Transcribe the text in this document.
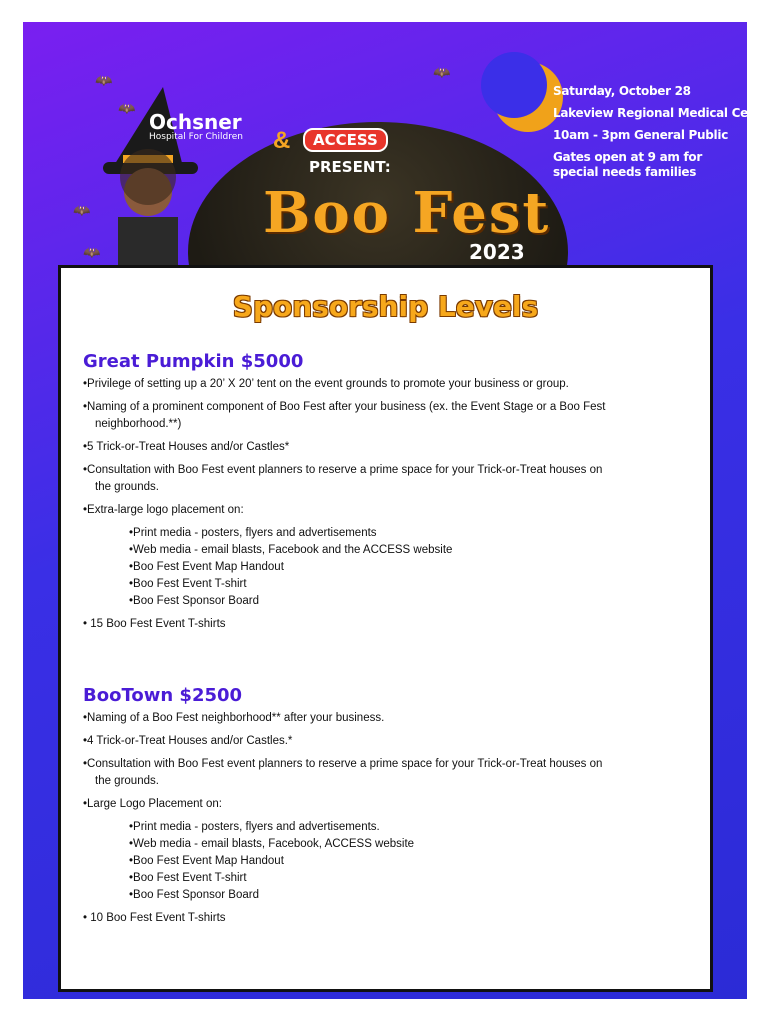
🦇
🦇
🦇
🦇
🦇
Ochsner
Hospital For Children &	ACCESS
PRESENT:
Boo Fest
2023
Saturday, October 28
Lakeview Regional Medical Center
10am - 3pm General Public
Gates open at 9 am for
special needs families
Sponsorship Levels

Great Pumpkin $5000

•Privilege of setting up a 20’ X 20’ tent on the event grounds to promote your business or group.

•Naming of a prominent component of Boo Fest after your business (ex. the Event Stage or a Boo Fest

neighborhood.**)

•5 Trick-or-Treat Houses and/or Castles*

•Consultation with Boo Fest event planners to reserve a prime space for your Trick-or-Treat houses on

the grounds.

•Extra-large logo placement on:

•Print media - posters, flyers and advertisements

•Web media - email blasts, Facebook and the ACCESS website

•Boo Fest Event Map Handout

•Boo Fest Event T-shirt

•Boo Fest Sponsor Board

• 15 Boo Fest Event T-shirts

BooTown $2500

•Naming of a Boo Fest neighborhood** after your business.

•4 Trick-or-Treat Houses and/or Castles.*

•Consultation with Boo Fest event planners to reserve a prime space for your Trick-or-Treat houses on

the grounds.

•Large Logo Placement on:

•Print media - posters, flyers and advertisements.

•Web media - email blasts, Facebook, ACCESS website

•Boo Fest Event Map Handout

•Boo Fest Event T-shirt

•Boo Fest Sponsor Board

• 10 Boo Fest Event T-shirts
